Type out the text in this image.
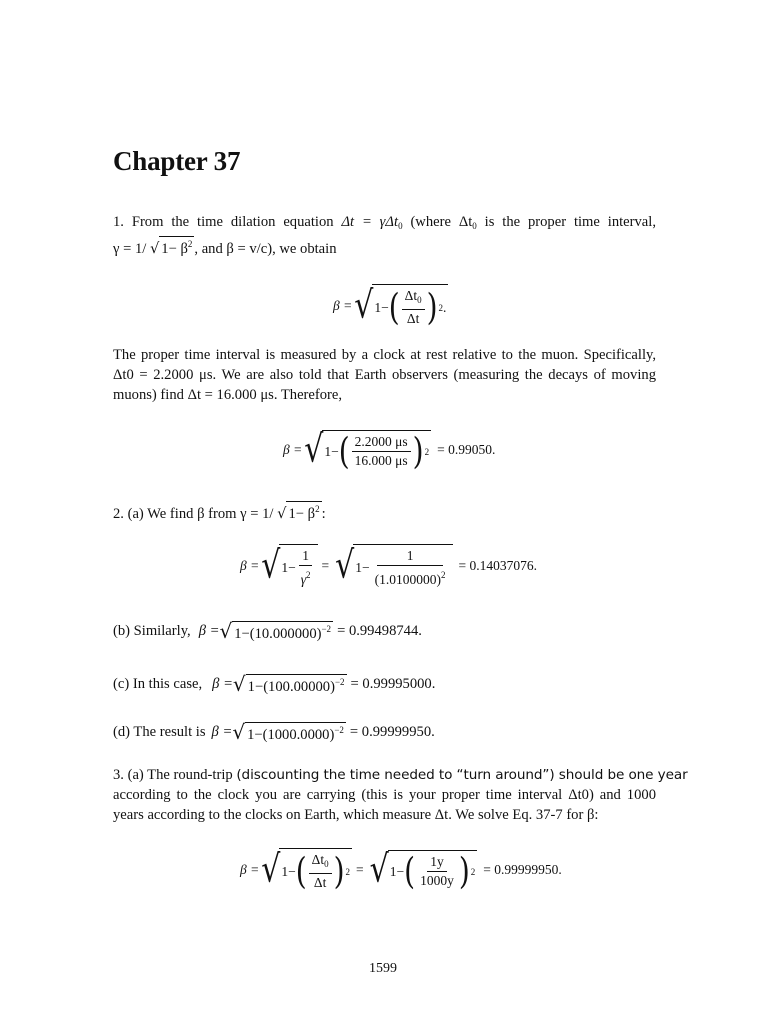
Chapter 37
1. From the time dilation equation Δt = γΔt$_0$ (where $\Delta t_0$ is the proper time interval,
γ = 1/ √ $1- \beta^2$ , and β = v/c), we obtain
β = √ 1− ( $\frac{\Delta t_0}{\Delta t}$ ) 2 .
The proper time interval is measured by a clock at rest relative to the muon. Specifically,
Δt0 = 2.2000 μs. We are also told that Earth observers (measuring the decays of moving
muons) find Δt = 16.000 μs. Therefore,
β = √ 1− ( $\frac{2.2000 \mu s}{16.000 \mu s}$ ) 2 = 0.99050.
2. (a) We find β from γ = 1/ √ $1- \beta^2$ :
β = √ $1- \frac{1}{\gamma^2}$ = √ $1- \frac{1}{(1.0100000)^2} = 0.14037076$.
(b) Similarly, β = √ $1-(10.000000)^{-2} = 0.99498744$.
(c) In this case, β = √ $1-(100.00000)^{-2} = 0.99995000$.
(d) The result is β = √ $1-(1000.0000)^{-2} = 0.99999950$.
3. (a) The round-trip (discounting the time needed to “turn around”) should be one year
according to the clock you are carrying (this is your proper time interval Δt0) and 1000
years according to the clocks on Earth, which measure Δt. We solve Eq. 37-7 for β:
β = √ 1− ( $\frac{\Delta t_0}{\Delta t}$ ) 2 = √ 1− ( $\frac{1y}{1000y}$ ) 2 = 0.99999950.
1599
